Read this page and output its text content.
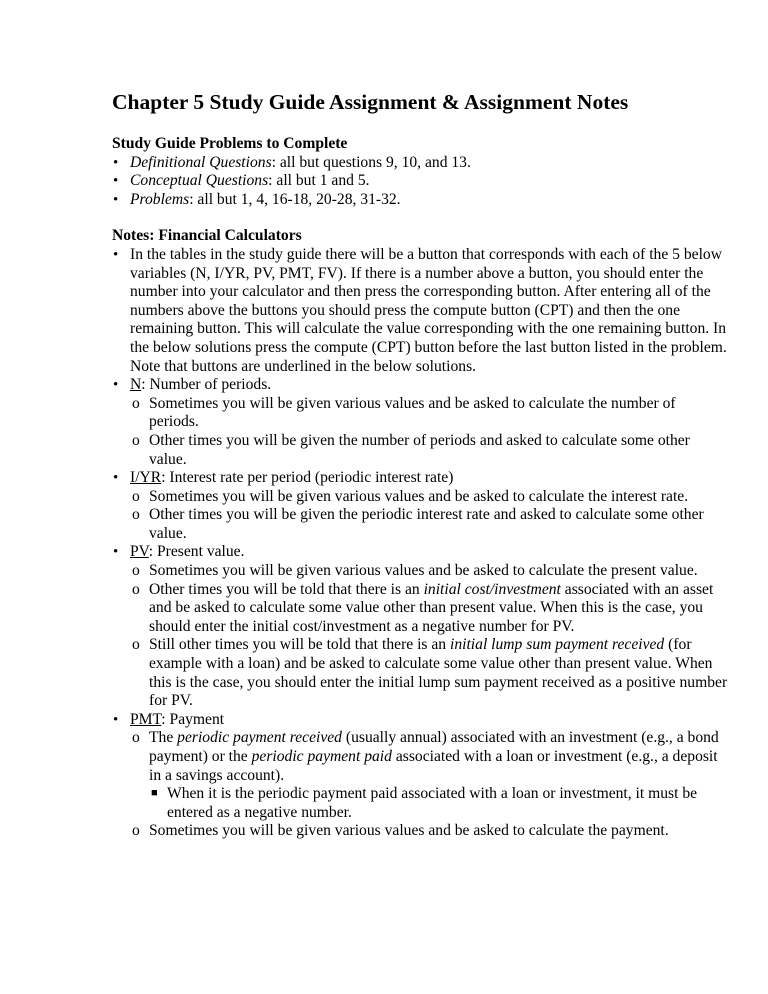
Chapter 5 Study Guide Assignment & Assignment Notes

Study Guide Problems to Complete

• Definitional Questions: all but questions 9, 10, and 13.
• Conceptual Questions: all but 1 and 5.
• Problems: all but 1, 4, 16-18, 20-28, 31-32.

Notes: Financial Calculators

• In the tables in the study guide there will be a button that corresponds with each of the 5 below variables (N, I/YR, PV, PMT, FV). If there is a number above a button, you should enter the number into your calculator and then press the corresponding button. After entering all of the numbers above the buttons you should press the compute button (CPT) and then the one remaining button. This will calculate the value corresponding with the one remaining button. In the below solutions press the compute (CPT) button before the last button listed in the problem. Note that buttons are underlined in the below solutions.
• N: Number of periods.
o Sometimes you will be given various values and be asked to calculate the number of periods.
o Other times you will be given the number of periods and asked to calculate some other value.
• I/YR: Interest rate per period (periodic interest rate)
o Sometimes you will be given various values and be asked to calculate the interest rate.
o Other times you will be given the periodic interest rate and asked to calculate some other value.
• PV: Present value.
o Sometimes you will be given various values and be asked to calculate the present value.
o Other times you will be told that there is an initial cost/investment associated with an asset and be asked to calculate some value other than present value. When this is the case, you should enter the initial cost/investment as a negative number for PV.
o Still other times you will be told that there is an initial lump sum payment received (for example with a loan) and be asked to calculate some value other than present value. When this is the case, you should enter the initial lump sum payment received as a positive number for PV.
• PMT: Payment
o The periodic payment received (usually annual) associated with an investment (e.g., a bond payment) or the periodic payment paid associated with a loan or investment (e.g., a deposit in a savings account).
■ When it is the periodic payment paid associated with a loan or investment, it must be entered as a negative number.
o Sometimes you will be given various values and be asked to calculate the payment.
